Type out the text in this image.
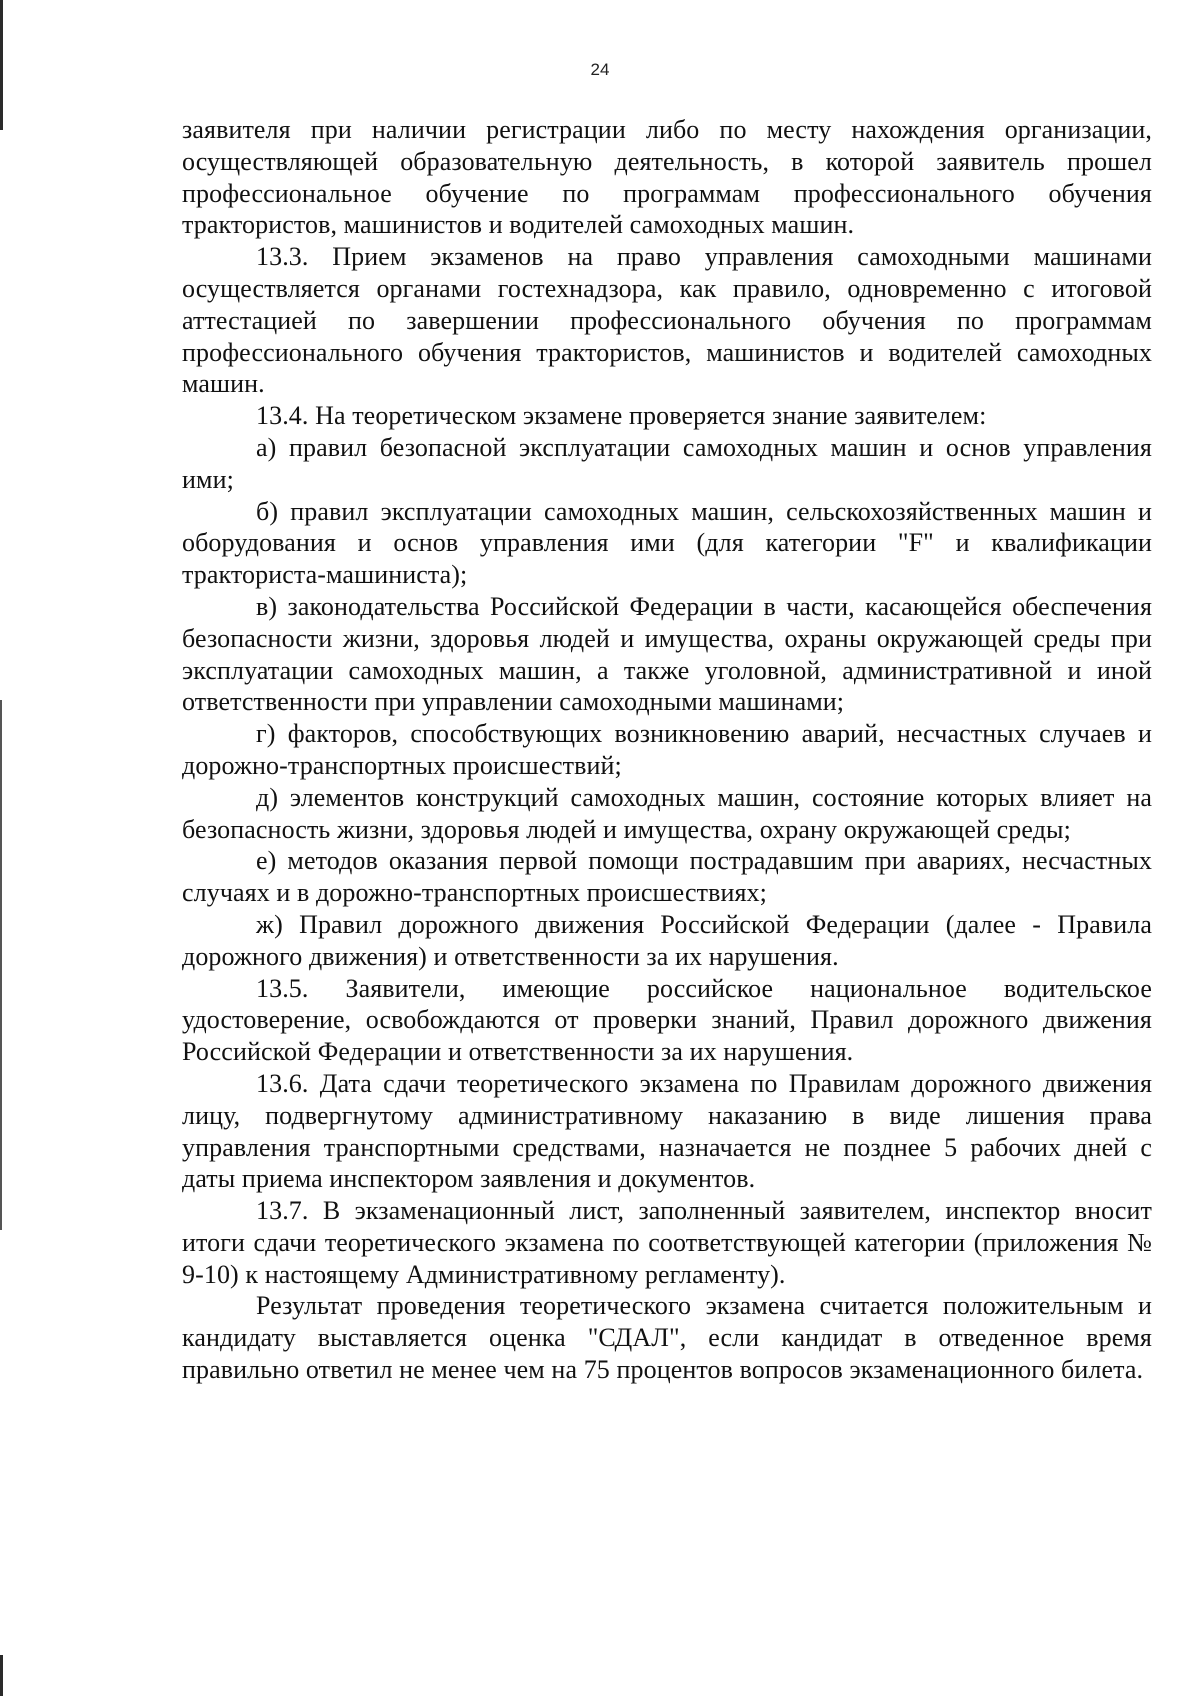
24

заявителя при наличии регистрации либо по месту нахождения организации, осуществляющей образовательную деятельность, в которой заявитель прошел профессиональное обучение по программам профессионального обучения трактористов, машинистов и водителей самоходных машин.

13.3. Прием экзаменов на право управления самоходными машинами осуществляется органами гостехнадзора, как правило, одновременно с итоговой аттестацией по завершении профессионального обучения по программам профессионального обучения трактористов, машинистов и водителей самоходных машин.

13.4. На теоретическом экзамене проверяется знание заявителем:

а) правил безопасной эксплуатации самоходных машин и основ управления ими;

б) правил эксплуатации самоходных машин, сельскохозяйственных машин и оборудования и основ управления ими (для категории "F" и квалификации тракториста-машиниста);

в) законодательства Российской Федерации в части, касающейся обеспечения безопасности жизни, здоровья людей и имущества, охраны окружающей среды при эксплуатации самоходных машин, а также уголовной, административной и иной ответственности при управлении самоходными машинами;

г) факторов, способствующих возникновению аварий, несчастных случаев и дорожно-транспортных происшествий;

д) элементов конструкций самоходных машин, состояние которых влияет на безопасность жизни, здоровья людей и имущества, охрану окружающей среды;

е) методов оказания первой помощи пострадавшим при авариях, несчастных случаях и в дорожно-транспортных происшествиях;

ж) Правил дорожного движения Российской Федерации (далее - Правила дорожного движения) и ответственности за их нарушения.

13.5. Заявители, имеющие российское национальное водительское удостоверение, освобождаются от проверки знаний, Правил дорожного движения Российской Федерации и ответственности за их нарушения.

13.6. Дата сдачи теоретического экзамена по Правилам дорожного движения лицу, подвергнутому административному наказанию в виде лишения права управления транспортными средствами, назначается не позднее 5 рабочих дней с даты приема инспектором заявления и документов.

13.7. В экзаменационный лист, заполненный заявителем, инспектор вносит итоги сдачи теоретического экзамена по соответствующей категории (приложения № 9-10) к настоящему Административному регламенту).

Результат проведения теоретического экзамена считается положительным и кандидату выставляется оценка "СДАЛ", если кандидат в отведенное время правильно ответил не менее чем на 75 процентов вопросов экзаменационного билета.
